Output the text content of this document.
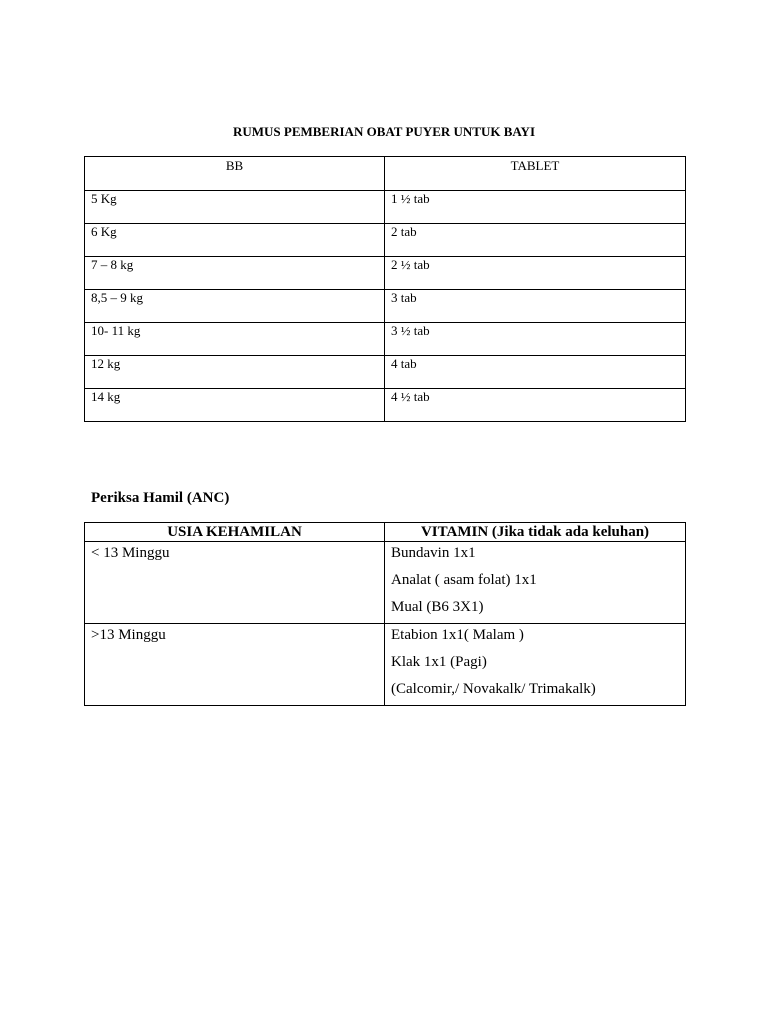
RUMUS PEMBERIAN OBAT PUYER UNTUK BAYI

BB	TABLET
5 Kg	1 ½ tab
6 Kg	2 tab
7 – 8 kg	2 ½ tab
8,5 – 9 kg	3 tab
10- 11 kg	3 ½ tab
12 kg	4 tab
14 kg	4 ½ tab

Periksa Hamil (ANC)

USIA KEHAMILAN	VITAMIN (Jika tidak ada keluhan)
< 13 Minggu	Bundavin 1x1

Analat ( asam folat) 1x1

Mual (B6 3X1)

>13 Minggu	Etabion 1x1( Malam )

Klak 1x1 (Pagi)

(Calcomir,/ Novakalk/ Trimakalk)
